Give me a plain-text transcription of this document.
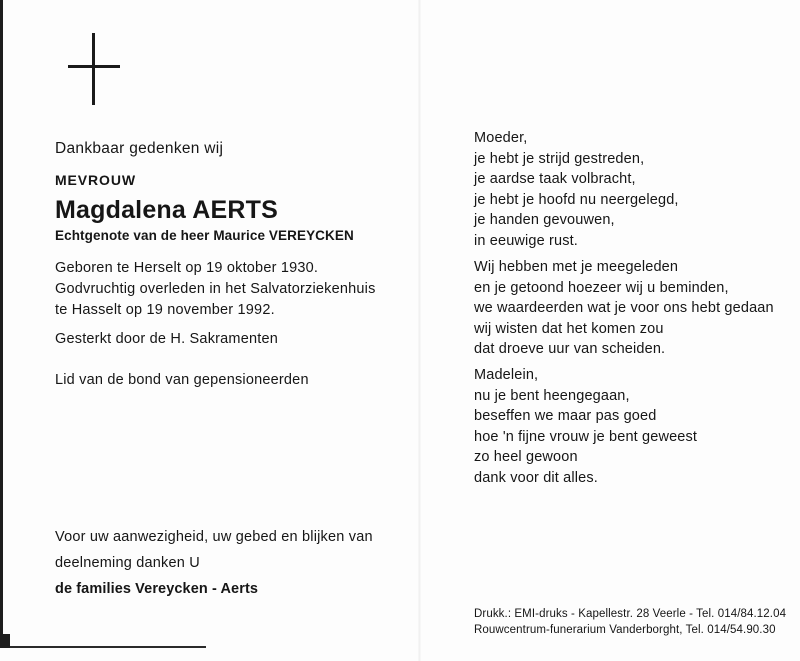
Dankbaar gedenken wij
MEVROUW
Magdalena AERTS
Echtgenote van de heer Maurice VEREYCKEN
Geboren te Herselt op 19 oktober 1930.
Godvruchtig overleden in het Salvatorziekenhuis
te Hasselt op 19 november 1992.
Gesterkt door de H. Sakramenten
Lid van de bond van gepensioneerden
Voor uw aanwezigheid, uw gebed en blijken van
deelneming danken U
de families Vereycken - Aerts
Moeder,
je hebt je strijd gestreden,
je aardse taak volbracht,
je hebt je hoofd nu neergelegd,
je handen gevouwen,
in eeuwige rust.
Wij hebben met je meegeleden
en je getoond hoezeer wij u beminden,
we waardeerden wat je voor ons hebt gedaan
wij wisten dat het komen zou
dat droeve uur van scheiden.
Madelein,
nu je bent heengegaan,
beseffen we maar pas goed
hoe 'n fijne vrouw je bent geweest
zo heel gewoon
dank voor dit alles.
Drukk.: EMI-druks - Kapellestr. 28 Veerle - Tel. 014/84.12.04
Rouwcentrum-funerarium Vanderborght, Tel. 014/54.90.30
